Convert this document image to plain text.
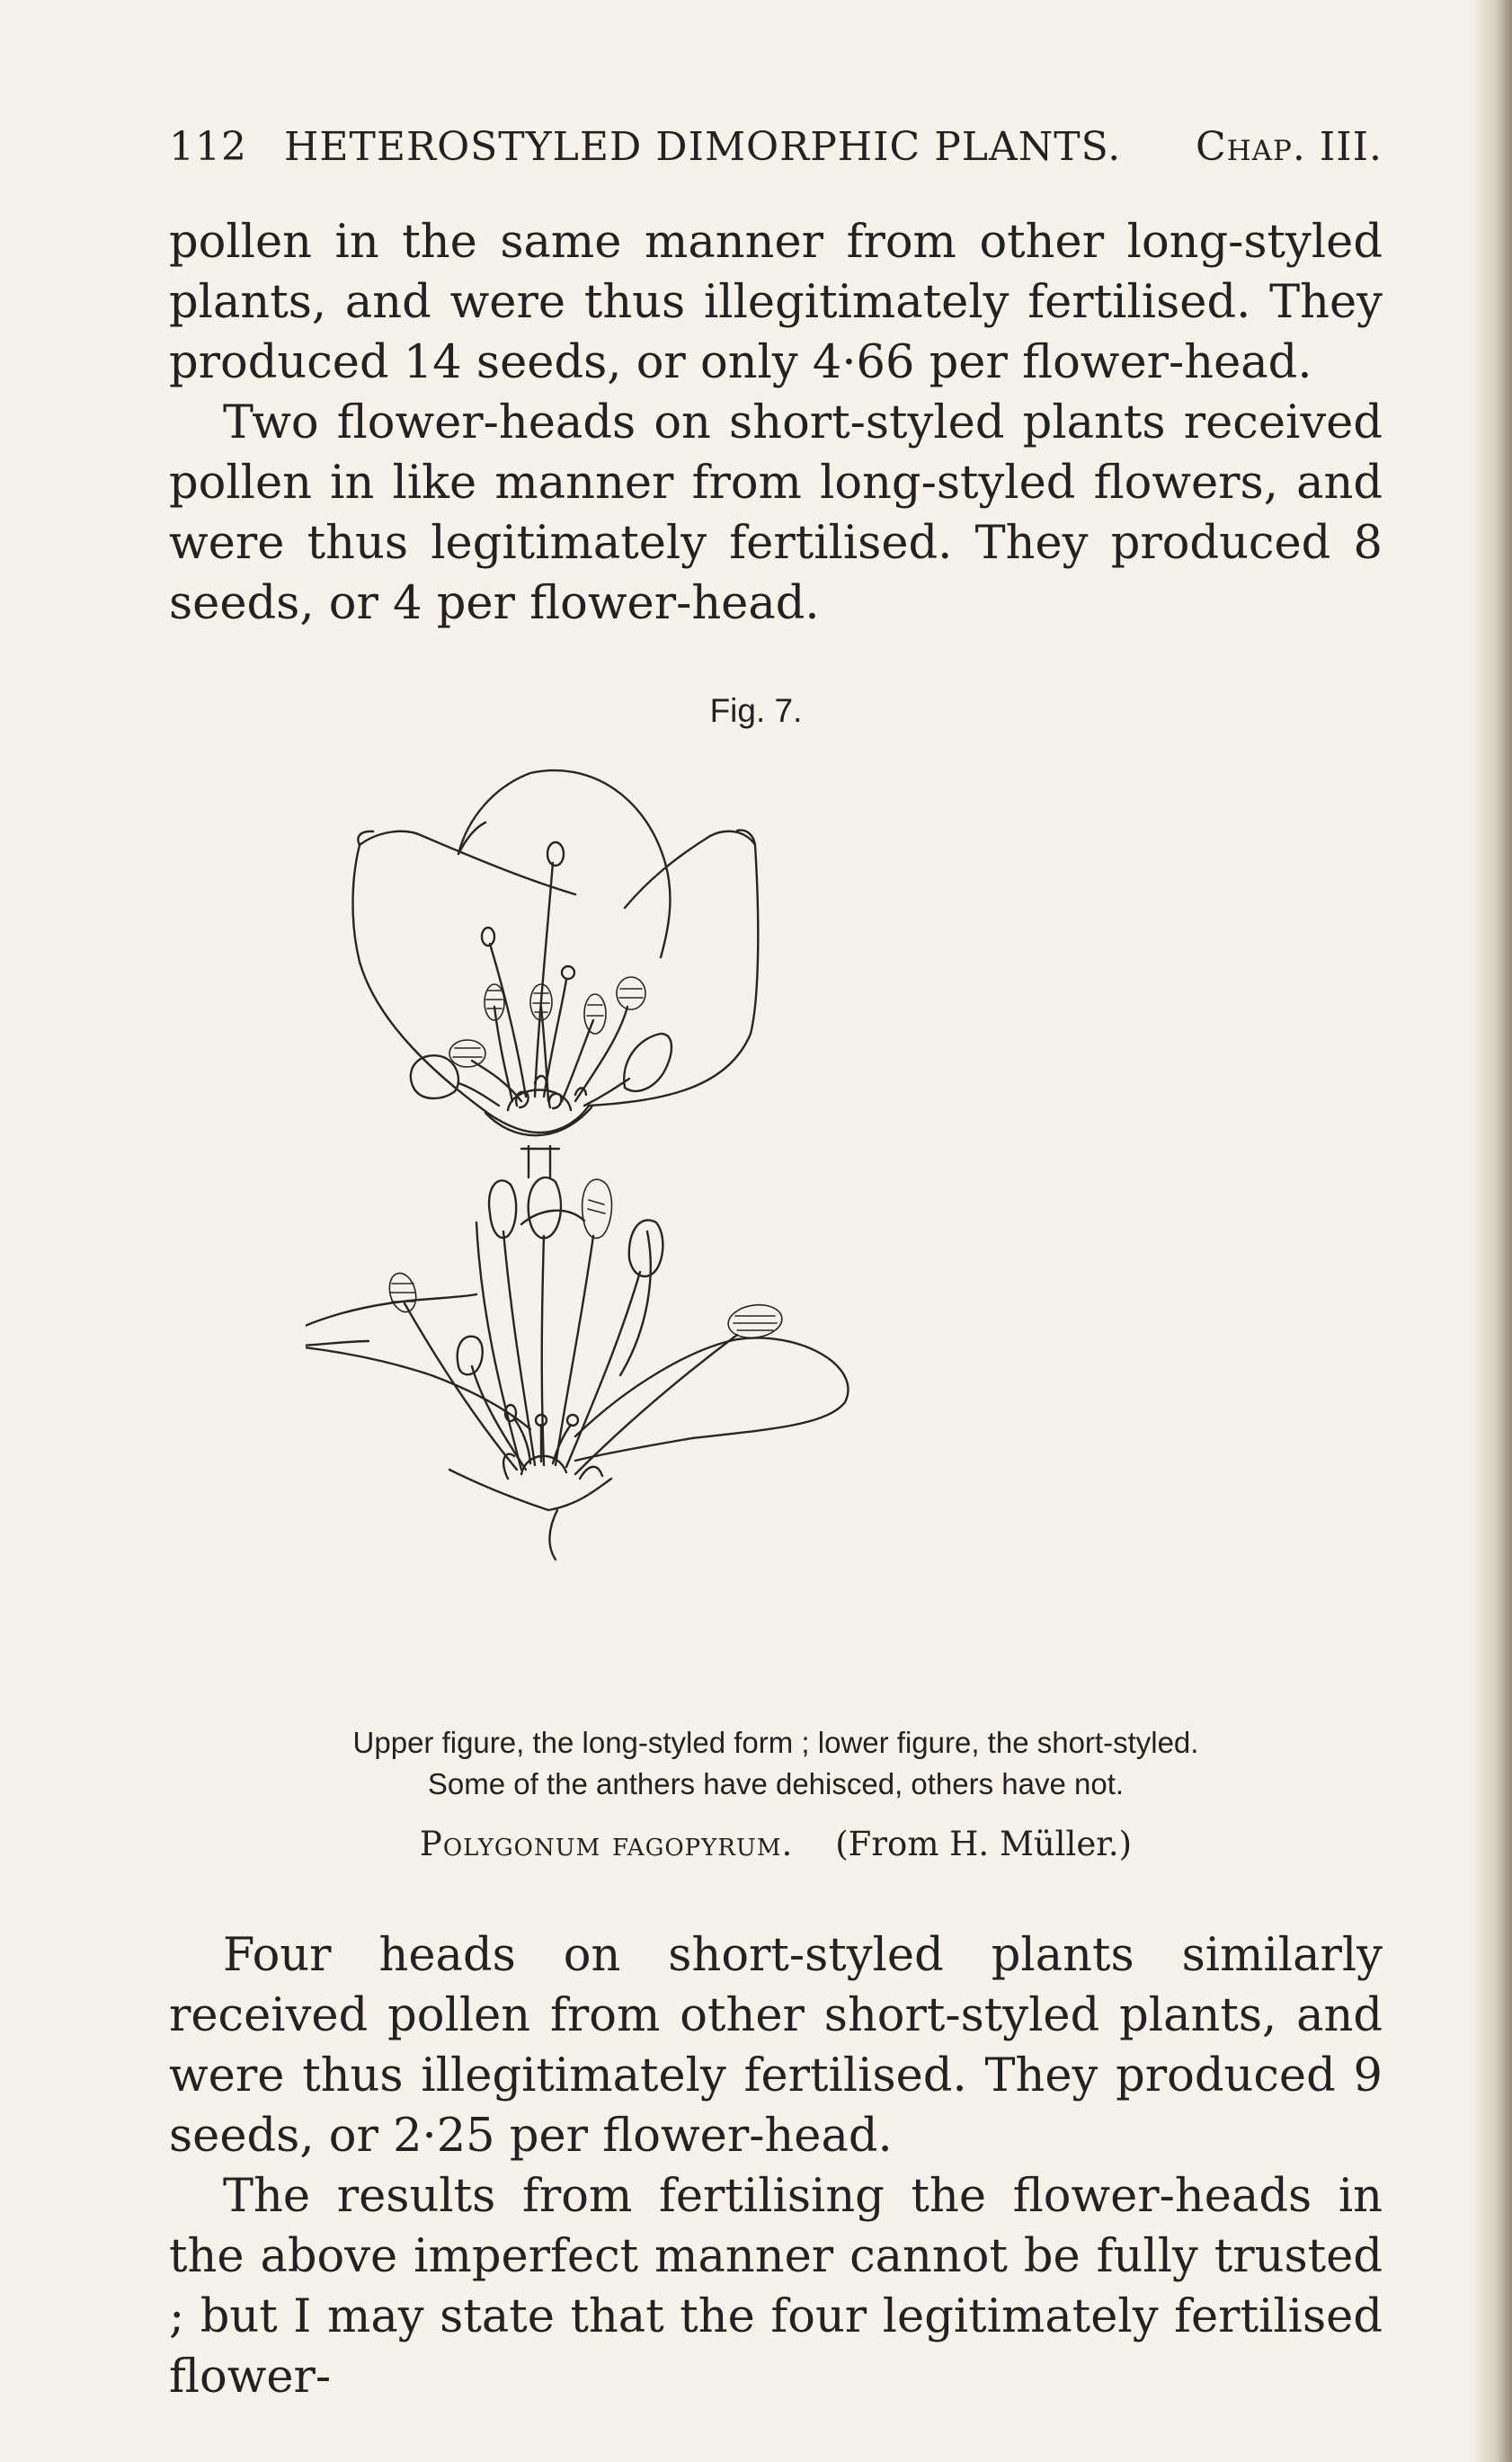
112 HETEROSTYLED DIMORPHIC PLANTS.	Chap. III.

pollen in the same manner from other long-styled plants, and were thus illegitimately fertilised. They produced 14 seeds, or only 4·66 per flower-head.

Two flower-heads on short-styled plants received pollen in like manner from long-styled flowers, and were thus legitimately fertilised. They produced 8 seeds, or 4 per flower-head.

Fig. 7.
Upper figure, the long-styled form ; lower figure, the short-styled.
Some of the anthers have dehisced, others have not.
Polygonum fagopyrum. (From H. Müller.)

Four heads on short-styled plants similarly received pollen from other short-styled plants, and were thus illegitimately fertilised. They produced 9 seeds, or 2·25 per flower-head.

The results from fertilising the flower-heads in the above imperfect manner cannot be fully trusted ; but I may state that the four legitimately fertilised flower-
